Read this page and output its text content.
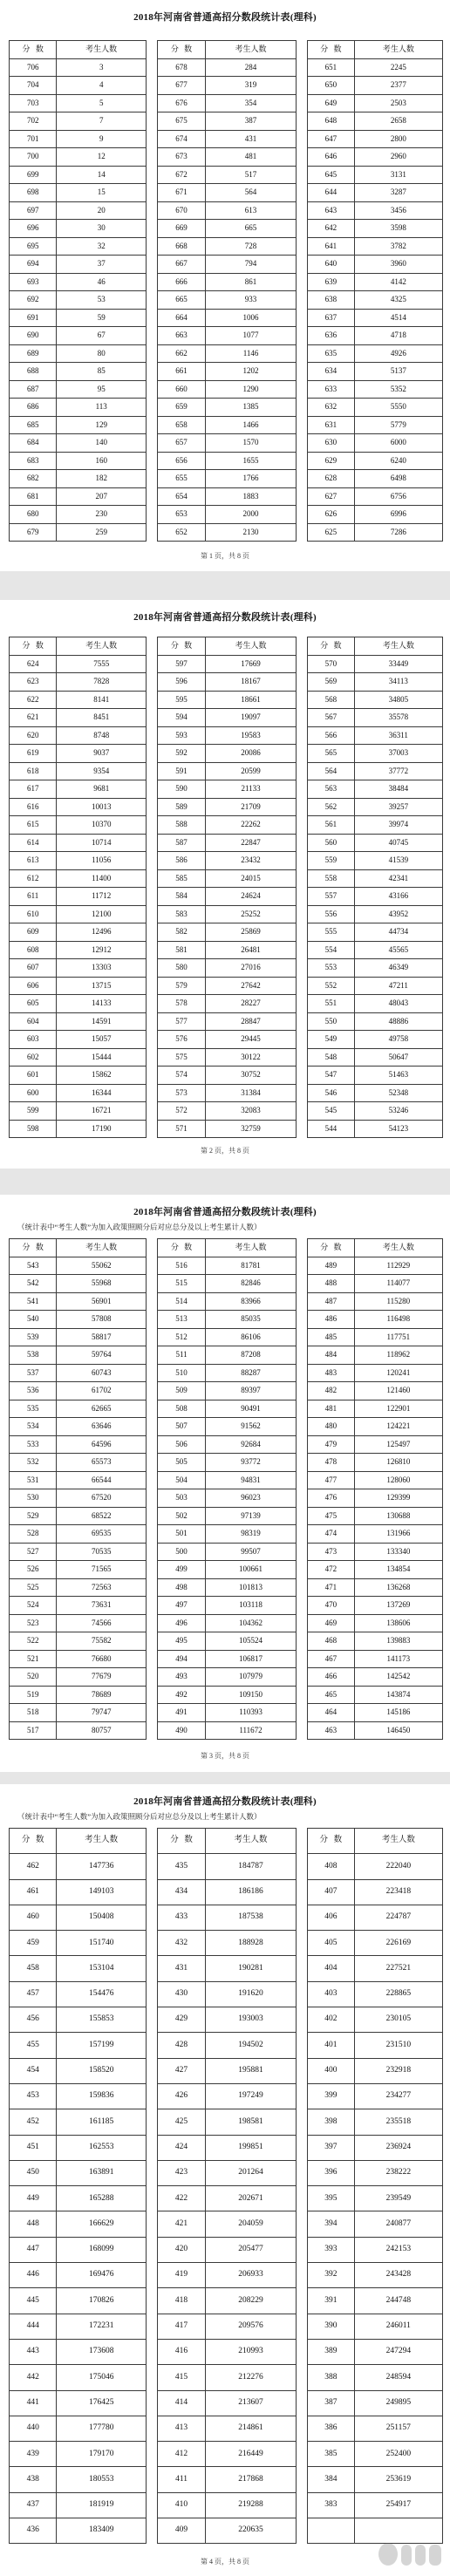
2018年河南省普通高招分数段统计表(理科)
分数	考生人数
706	3
704	4
703	5
702	7
701	9
700	12
699	14
698	15
697	20
696	30
695	32
694	37
693	46
692	53
691	59
690	67
689	80
688	85
687	95
686	113
685	129
684	140
683	160
682	182
681	207
680	230
679	259
分数	考生人数
678	284
677	319
676	354
675	387
674	431
673	481
672	517
671	564
670	613
669	665
668	728
667	794
666	861
665	933
664	1006
663	1077
662	1146
661	1202
660	1290
659	1385
658	1466
657	1570
656	1655
655	1766
654	1883
653	2000
652	2130
分数	考生人数
651	2245
650	2377
649	2503
648	2658
647	2800
646	2960
645	3131
644	3287
643	3456
642	3598
641	3782
640	3960
639	4142
638	4325
637	4514
636	4718
635	4926
634	5137
633	5352
632	5550
631	5779
630	6000
629	6240
628	6498
627	6756
626	6996
625	7286
第 1 页，共 8 页
2018年河南省普通高招分数段统计表(理科)
分数	考生人数
624	7555
623	7828
622	8141
621	8451
620	8748
619	9037
618	9354
617	9681
616	10013
615	10370
614	10714
613	11056
612	11400
611	11712
610	12100
609	12496
608	12912
607	13303
606	13715
605	14133
604	14591
603	15057
602	15444
601	15862
600	16344
599	16721
598	17190
分数	考生人数
597	17669
596	18167
595	18661
594	19097
593	19583
592	20086
591	20599
590	21133
589	21709
588	22262
587	22847
586	23432
585	24015
584	24624
583	25252
582	25869
581	26481
580	27016
579	27642
578	28227
577	28847
576	29445
575	30122
574	30752
573	31384
572	32083
571	32759
分数	考生人数
570	33449
569	34113
568	34805
567	35578
566	36311
565	37003
564	37772
563	38484
562	39257
561	39974
560	40745
559	41539
558	42341
557	43166
556	43952
555	44734
554	45565
553	46349
552	47211
551	48043
550	48886
549	49758
548	50647
547	51463
546	52348
545	53246
544	54123
第 2 页，共 8 页
2018年河南省普通高招分数段统计表(理科)
（统计表中“考生人数”为加入政策照顾分后对应总分及以上考生累计人数）
分数	考生人数
543	55062
542	55968
541	56901
540	57808
539	58817
538	59764
537	60743
536	61702
535	62665
534	63646
533	64596
532	65573
531	66544
530	67520
529	68522
528	69535
527	70535
526	71565
525	72563
524	73631
523	74566
522	75582
521	76680
520	77679
519	78689
518	79747
517	80757
分数	考生人数
516	81781
515	82846
514	83966
513	85035
512	86106
511	87208
510	88287
509	89397
508	90491
507	91562
506	92684
505	93772
504	94831
503	96023
502	97139
501	98319
500	99507
499	100661
498	101813
497	103118
496	104362
495	105524
494	106817
493	107979
492	109150
491	110393
490	111672
分数	考生人数
489	112929
488	114077
487	115280
486	116498
485	117751
484	118962
483	120241
482	121460
481	122901
480	124221
479	125497
478	126810
477	128060
476	129399
475	130688
474	131966
473	133340
472	134854
471	136268
470	137269
469	138606
468	139883
467	141173
466	142542
465	143874
464	145186
463	146450
第 3 页，共 8 页
2018年河南省普通高招分数段统计表(理科)
（统计表中“考生人数”为加入政策照顾分后对应总分及以上考生累计人数）
分数	考生人数
462	147736
461	149103
460	150408
459	151740
458	153104
457	154476
456	155853
455	157199
454	158520
453	159836
452	161185
451	162553
450	163891
449	165288
448	166629
447	168099
446	169476
445	170826
444	172231
443	173608
442	175046
441	176425
440	177780
439	179170
438	180553
437	181919
436	183409
分数	考生人数
435	184787
434	186186
433	187538
432	188928
431	190281
430	191620
429	193003
428	194502
427	195881
426	197249
425	198581
424	199851
423	201264
422	202671
421	204059
420	205477
419	206933
418	208229
417	209576
416	210993
415	212276
414	213607
413	214861
412	216449
411	217868
410	219288
409	220635
分数	考生人数
408	222040
407	223418
406	224787
405	226169
404	227521
403	228865
402	230105
401	231510
400	232918
399	234277
398	235518
397	236924
396	238222
395	239549
394	240877
393	242153
392	243428
391	244748
390	246011
389	247294
388	248594
387	249895
386	251157
385	252400
384	253619
383	254917

第 4 页，共 8 页
